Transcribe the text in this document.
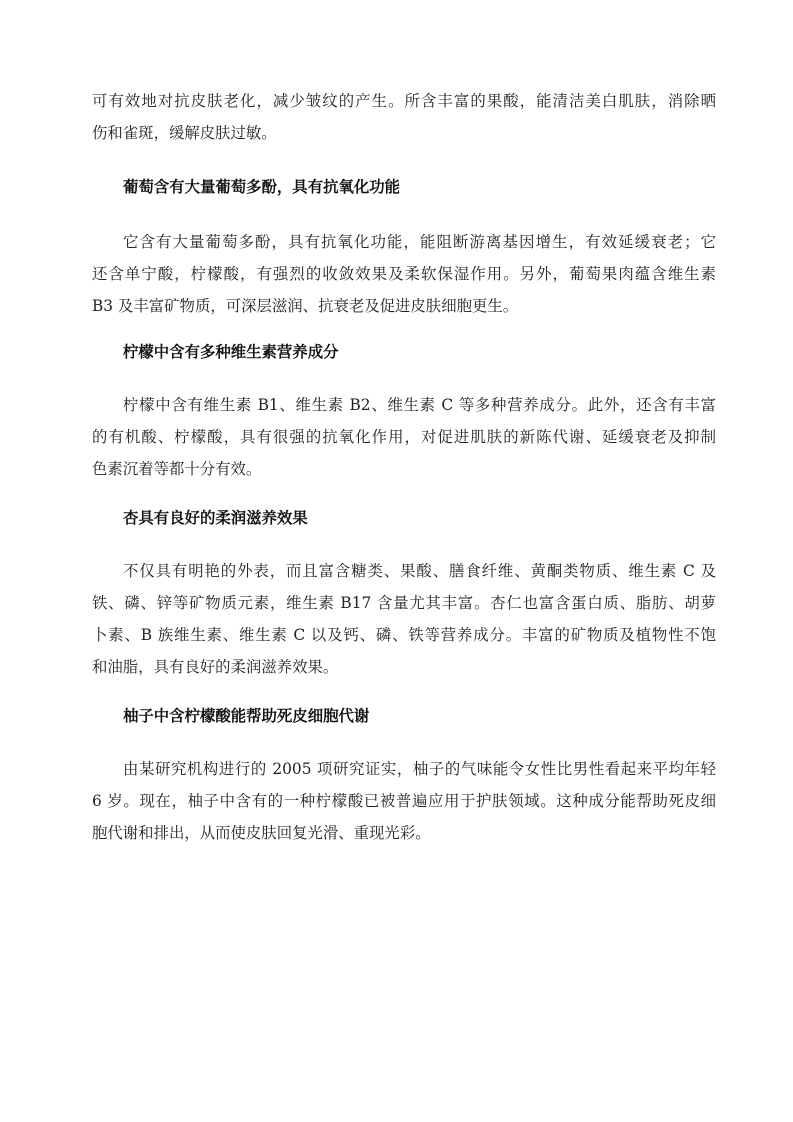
可有效地对抗皮肤老化，减少皱纹的产生。所含丰富的果酸，能清洁美白肌肤，消除晒
伤和雀斑，缓解皮肤过敏。
葡萄含有大量葡萄多酚，具有抗氧化功能
它含有大量葡萄多酚，具有抗氧化功能，能阻断游离基因增生，有效延缓衰老；它
还含单宁酸，柠檬酸，有强烈的收敛效果及柔软保湿作用。另外，葡萄果肉蕴含维生素
B3 及丰富矿物质，可深层滋润、抗衰老及促进皮肤细胞更生。
柠檬中含有多种维生素营养成分
柠檬中含有维生素 B1、维生素 B2、维生素 C 等多种营养成分。此外，还含有丰富
的有机酸、柠檬酸，具有很强的抗氧化作用，对促进肌肤的新陈代谢、延缓衰老及抑制
色素沉着等都十分有效。
杏具有良好的柔润滋养效果
不仅具有明艳的外表，而且富含糖类、果酸、膳食纤维、黄酮类物质、维生素 C 及
铁、磷、锌等矿物质元素，维生素 B17 含量尤其丰富。杏仁也富含蛋白质、脂肪、胡萝
卜素、B 族维生素、维生素 C 以及钙、磷、铁等营养成分。丰富的矿物质及植物性不饱
和油脂，具有良好的柔润滋养效果。
柚子中含柠檬酸能帮助死皮细胞代谢
由某研究机构进行的 2005 项研究证实，柚子的气味能令女性比男性看起来平均年轻
6 岁。现在，柚子中含有的一种柠檬酸已被普遍应用于护肤领域。这种成分能帮助死皮细
胞代谢和排出，从而使皮肤回复光滑、重现光彩。
